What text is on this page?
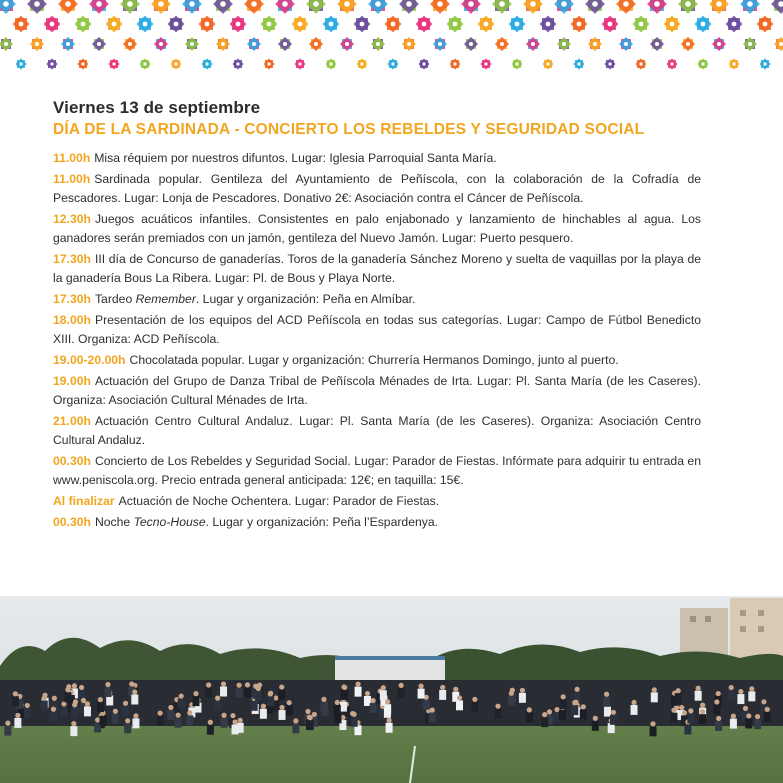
Viernes 13 de septiembre
DÍA DE LA SARDINADA - CONCIERTO LOS REBELDES Y SEGURIDAD SOCIAL

11.00h Misa réquiem por nuestros difuntos. Lugar: Iglesia Parroquial Santa María.

11.00h Sardinada popular. Gentileza del Ayuntamiento de Peñíscola, con la colaboración de la Cofradía de Pescadores. Lugar: Lonja de Pescadores. Donativo 2€: Asociación contra el Cáncer de Peñíscola.

12.30h Juegos acuáticos infantiles. Consistentes en palo enjabonado y lanzamiento de hinchables al agua. Los ganadores serán premiados con un jamón, gentileza del Nuevo Jamón. Lugar: Puerto pesquero.

17.30h III día de Concurso de ganaderías. Toros de la ganadería Sánchez Moreno y suelta de vaquillas por la playa de la ganadería Bous La Ribera. Lugar: Pl. de Bous y Playa Norte.

17.30h Tardeo Remember. Lugar y organización: Peña en Almíbar.

18.00h Presentación de los equipos del ACD Peñíscola en todas sus categorías. Lugar: Campo de Fútbol Benedicto XIII. Organiza: ACD Peñíscola.

19.00-20.00h Chocolatada popular. Lugar y organización: Churrería Hermanos Domingo, junto al puerto.

19.00h Actuación del Grupo de Danza Tribal de Peñíscola Ménades de Irta. Lugar: Pl. Santa María (de les Caseres). Organiza: Asociación Cultural Ménades de Irta.

21.00h Actuación Centro Cultural Andaluz. Lugar: Pl. Santa María (de les Caseres). Organiza: Asociación Centro Cultural Andaluz.

00.30h Concierto de Los Rebeldes y Seguridad Social. Lugar: Parador de Fiestas. Infórmate para adquirir tu entrada en www.peniscola.org. Precio entrada general anticipada: 12€; en taquilla: 15€.

Al finalizar Actuación de Noche Ochentera. Lugar: Parador de Fiestas.

00.30h Noche Tecno-House. Lugar y organización: Peña l’Espardenya.
